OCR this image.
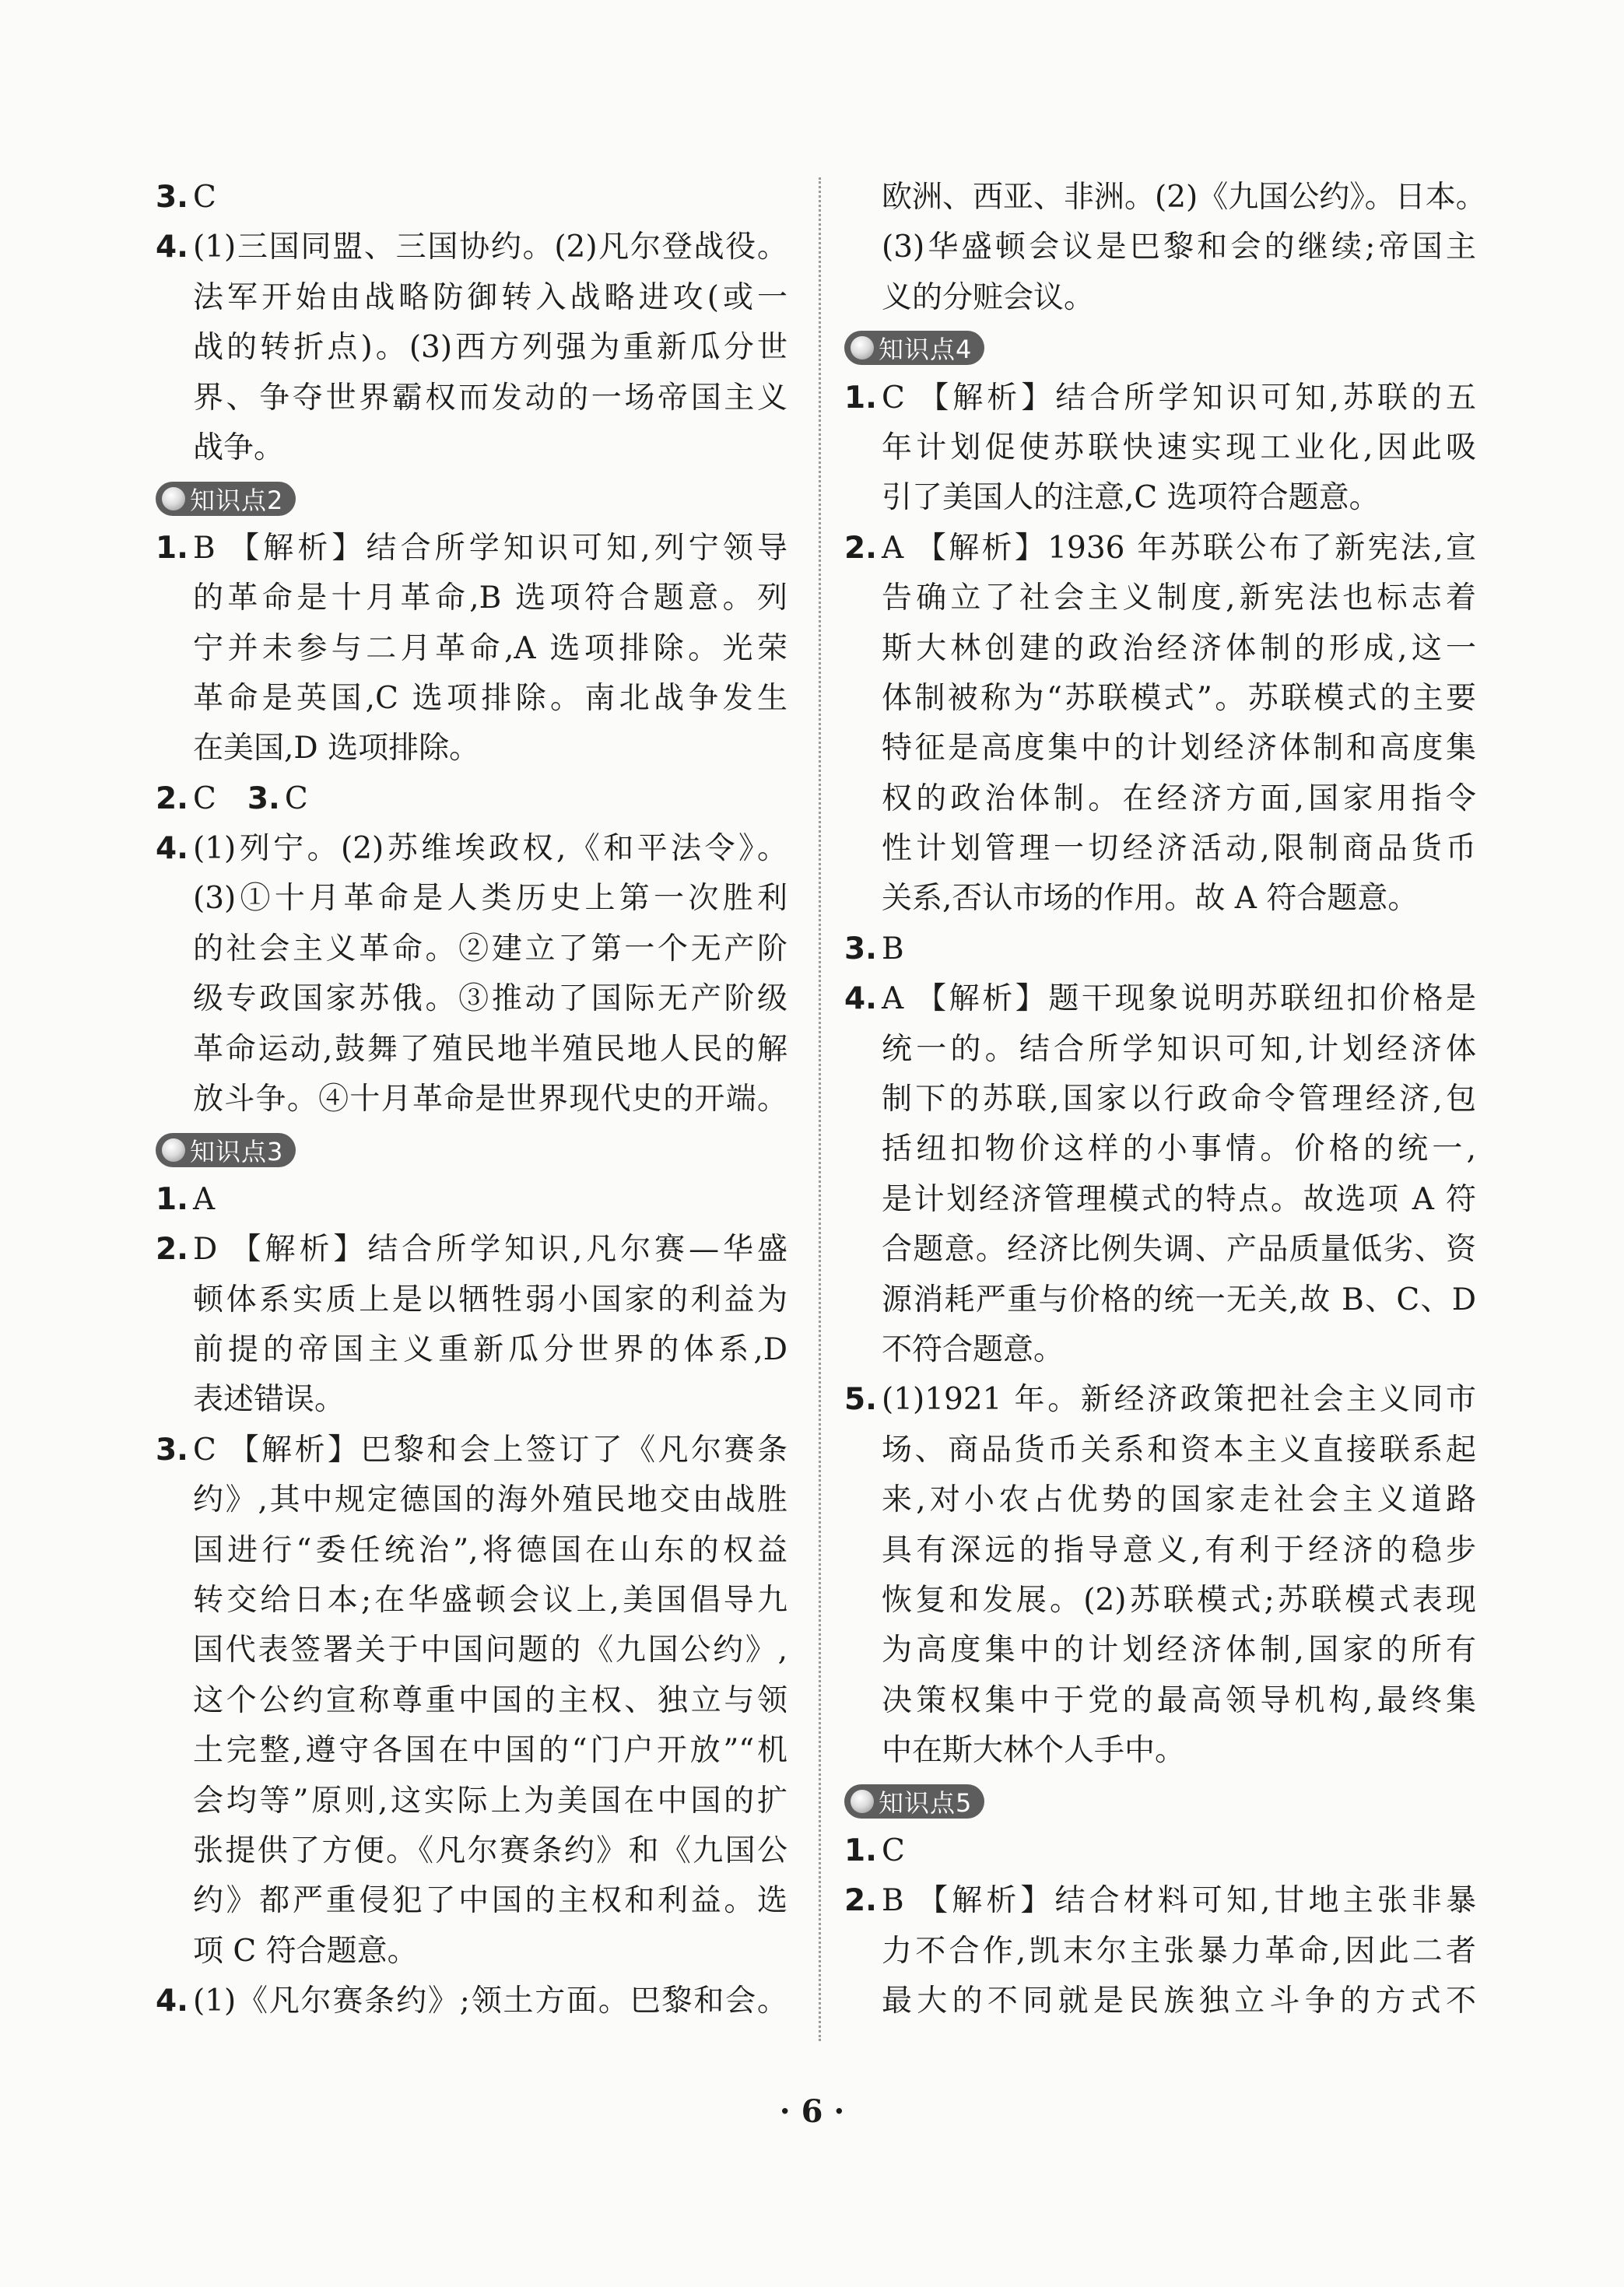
3. C
4. (1)三国同盟、三国协约。(2)凡尔登战役。
法军开始由战略防御转入战略进攻(或一
战的转折点)。(3)西方列强为重新瓜分世
界、争夺世界霸权而发动的一场帝国主义
战争。
知识点2
1. B 【解析】结合所学知识可知,列宁领导
的革命是十月革命,B 选项符合题意。列
宁并未参与二月革命,A 选项排除。光荣
革命是英国,C 选项排除。南北战争发生
在美国,D 选项排除。
2. C 3. C
4. (1)列宁。(2)苏维埃政权,《和平法令》。
(3)①十月革命是人类历史上第一次胜利
的社会主义革命。②建立了第一个无产阶
级专政国家苏俄。③推动了国际无产阶级
革命运动,鼓舞了殖民地半殖民地人民的解
放斗争。④十月革命是世界现代史的开端。
知识点3
1. A
2. D 【解析】结合所学知识,凡尔赛—华盛
顿体系实质上是以牺牲弱小国家的利益为
前提的帝国主义重新瓜分世界的体系,D
表述错误。
3. C 【解析】巴黎和会上签订了《凡尔赛条
约》,其中规定德国的海外殖民地交由战胜
国进行“委任统治”,将德国在山东的权益
转交给日本;在华盛顿会议上,美国倡导九
国代表签署关于中国问题的《九国公约》,
这个公约宣称尊重中国的主权、独立与领
土完整,遵守各国在中国的“门户开放”“机
会均等”原则,这实际上为美国在中国的扩
张提供了方便。《凡尔赛条约》和《九国公
约》都严重侵犯了中国的主权和利益。选
项 C 符合题意。
4. (1)《凡尔赛条约》;领土方面。巴黎和会。
欧洲、西亚、非洲。(2)《九国公约》。日本。
(3)华盛顿会议是巴黎和会的继续;帝国主
义的分赃会议。
知识点4
1. C 【解析】结合所学知识可知,苏联的五
年计划促使苏联快速实现工业化,因此吸
引了美国人的注意,C 选项符合题意。
2. A 【解析】1936 年苏联公布了新宪法,宣
告确立了社会主义制度,新宪法也标志着
斯大林创建的政治经济体制的形成,这一
体制被称为“苏联模式”。苏联模式的主要
特征是高度集中的计划经济体制和高度集
权的政治体制。在经济方面,国家用指令
性计划管理一切经济活动,限制商品货币
关系,否认市场的作用。故 A 符合题意。
3. B
4. A 【解析】题干现象说明苏联纽扣价格是
统一的。结合所学知识可知,计划经济体
制下的苏联,国家以行政命令管理经济,包
括纽扣物价这样的小事情。价格的统一,
是计划经济管理模式的特点。故选项 A 符
合题意。经济比例失调、产品质量低劣、资
源消耗严重与价格的统一无关,故 B、C、D
不符合题意。
5. (1)1921 年。新经济政策把社会主义同市
场、商品货币关系和资本主义直接联系起
来,对小农占优势的国家走社会主义道路
具有深远的指导意义,有利于经济的稳步
恢复和发展。(2)苏联模式;苏联模式表现
为高度集中的计划经济体制,国家的所有
决策权集中于党的最高领导机构,最终集
中在斯大林个人手中。
知识点5
1. C
2. B 【解析】结合材料可知,甘地主张非暴
力不合作,凯末尔主张暴力革命,因此二者
最大的不同就是民族独立斗争的方式不
· 6 ·
